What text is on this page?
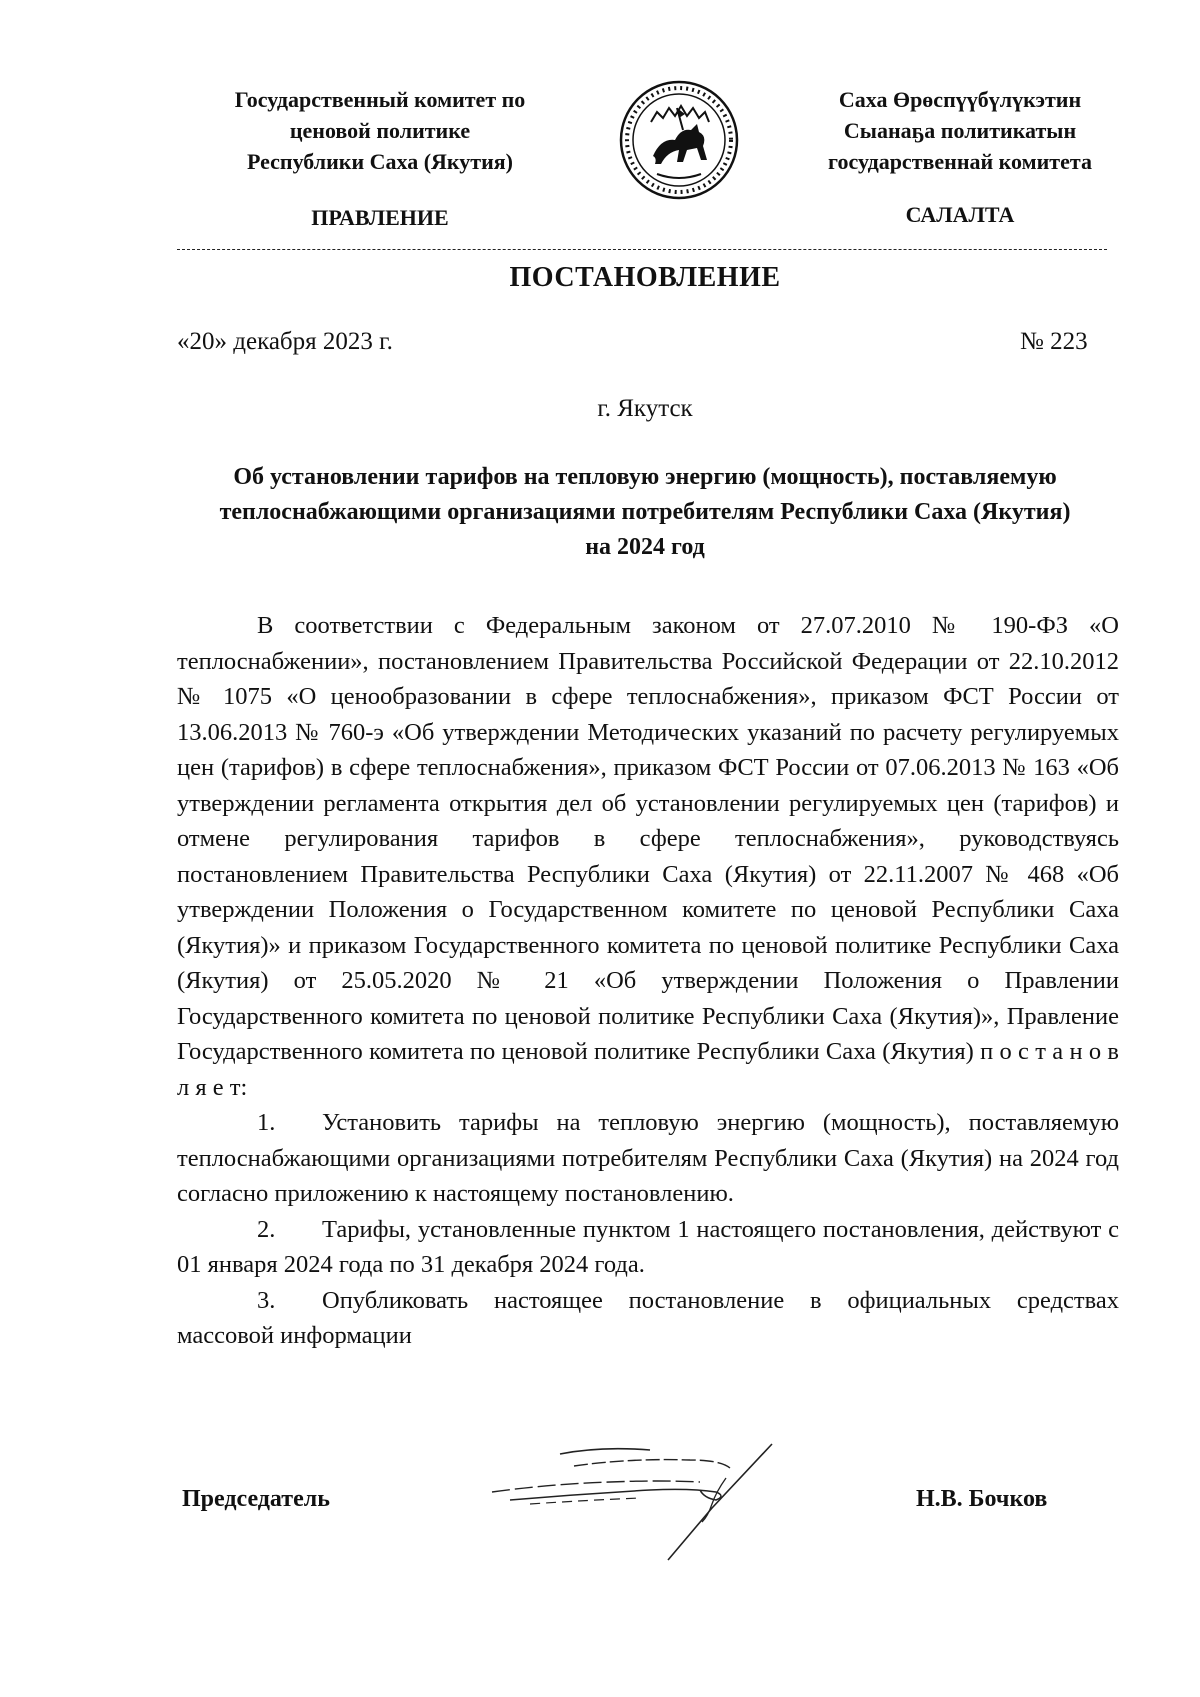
Государственный комитет по
ценовой политике
Республики Саха (Якутия)
Саха Өрөспүүбүлүкэтин
Сыанаҕа политикатын
государственнай комитета
ПРАВЛЕНИЕ	САЛАЛТА
ПОСТАНОВЛЕНИЕ
«20» декабря 2023 г.	№ 223
г. Якутск
Об установлении тарифов на тепловую энергию (мощность), поставляемую
теплоснабжающими организациями потребителям Республики Саха (Якутия)
на 2024 год

В соответствии с Федеральным законом от 27.07.2010 № 190-ФЗ «О теплоснабжении», постановлением Правительства Российской Федерации от 22.10.2012 № 1075 «О ценообразовании в сфере теплоснабжения», приказом ФСТ России от 13.06.2013 № 760-э «Об утверждении Методических указаний по расчету регулируемых цен (тарифов) в сфере теплоснабжения», приказом ФСТ России от 07.06.2013 № 163 «Об утверждении регламента открытия дел об установлении регулируемых цен (тарифов) и отмене регулирования тарифов в сфере теплоснабжения», руководствуясь постановлением Правительства Республики Саха (Якутия) от 22.11.2007 № 468 «Об утверждении Положения о Государственном комитете по ценовой Республики Саха (Якутия)» и приказом Государственного комитета по ценовой политике Республики Саха (Якутия) от 25.05.2020 № 21 «Об утверждении Положения о Правлении Государственного комитета по ценовой политике Республики Саха (Якутия)», Правление Государственного комитета по ценовой политике Республики Саха (Якутия) п о с т а н о в л я е т:

1. Установить тарифы на тепловую энергию (мощность), поставляемую теплоснабжающими организациями потребителям Республики Саха (Якутия) на 2024 год согласно приложению к настоящему постановлению.

2. Тарифы, установленные пунктом 1 настоящего постановления, действуют с 01 января 2024 года по 31 декабря 2024 года.

3. Опубликовать настоящее постановление в официальных средствах массовой информации

Председатель	Н.В. Бочков
